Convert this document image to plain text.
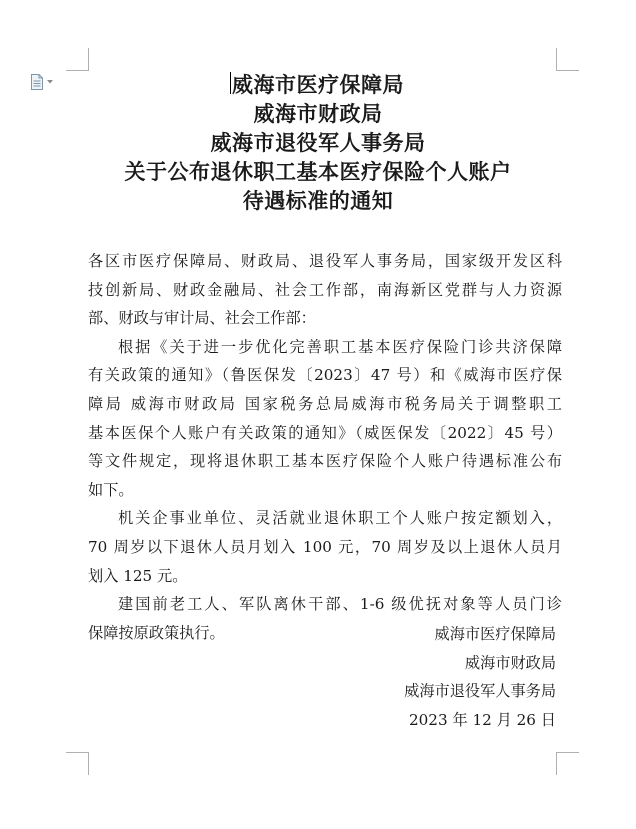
威海市医疗保障局
威海市财政局
威海市退役军人事务局
关于公布退休职工基本医疗保险个人账户
待遇标准的通知
各区市医疗保障局、财政局、退役军人事务局，国家级开发区科
技创新局、财政金融局、社会工作部，南海新区党群与人力资源
部、财政与审计局、社会工作部：
根据《关于进一步优化完善职工基本医疗保险门诊共济保障
有关政策的通知》（鲁医保发〔2023〕47 号）和《威海市医疗保
障局 威海市财政局 国家税务总局威海市税务局关于调整职工
基本医保个人账户有关政策的通知》（威医保发〔2022〕45 号）
等文件规定，现将退休职工基本医疗保险个人账户待遇标准公布
如下。
机关企事业单位、灵活就业退休职工个人账户按定额划入，
70 周岁以下退休人员月划入 100 元，70 周岁及以上退休人员月
划入 125 元。
建国前老工人、军队离休干部、1-6 级优抚对象等人员门诊
保障按原政策执行。	威海市医疗保障局
威海市财政局
威海市退役军人事务局
2023 年 12 月 26 日
